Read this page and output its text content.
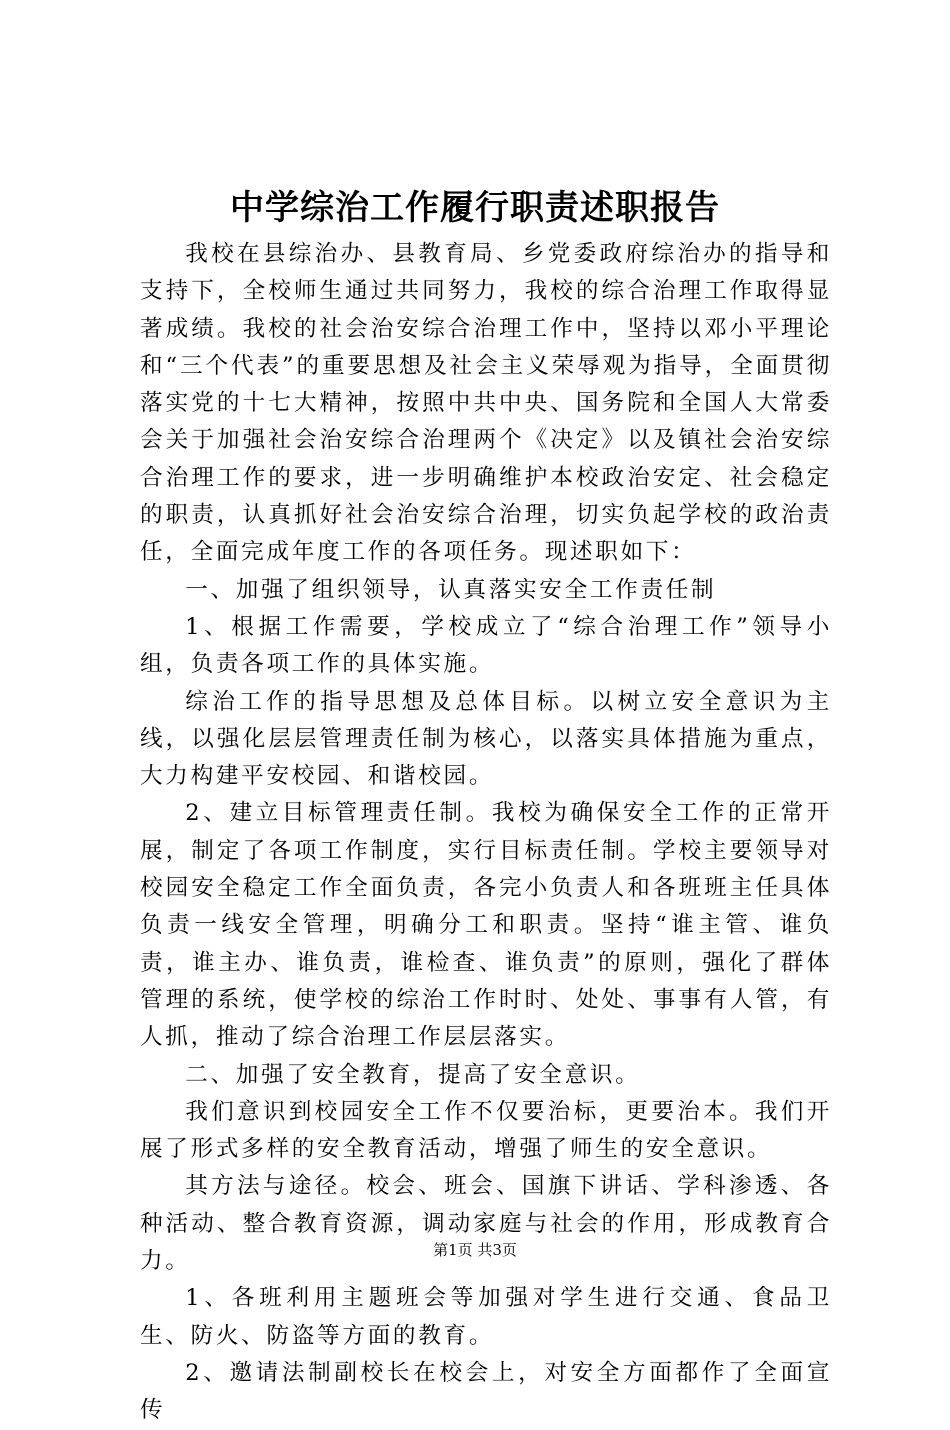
中学综治工作履行职责述职报告

我校在县综治办、县教育局、乡党委政府综治办的指导和支持下，全校师生通过共同努力，我校的综合治理工作取得显著成绩。我校的社会治安综合治理工作中，坚持以邓小平理论和“三个代表”的重要思想及社会主义荣辱观为指导，全面贯彻落实党的十七大精神，按照中共中央、国务院和全国人大常委会关于加强社会治安综合治理两个《决定》以及镇社会治安综合治理工作的要求，进一步明确维护本校政治安定、社会稳定的职责，认真抓好社会治安综合治理，切实负起学校的政治责任，全面完成年度工作的各项任务。现述职如下：

一、加强了组织领导，认真落实安全工作责任制

1、根据工作需要，学校成立了“综合治理工作”领导小组，负责各项工作的具体实施。

综治工作的指导思想及总体目标。以树立安全意识为主线，以强化层层管理责任制为核心，以落实具体措施为重点，大力构建平安校园、和谐校园。

2、建立目标管理责任制。我校为确保安全工作的正常开展，制定了各项工作制度，实行目标责任制。学校主要领导对校园安全稳定工作全面负责，各完小负责人和各班班主任具体负责一线安全管理，明确分工和职责。坚持“谁主管、谁负责，谁主办、谁负责，谁检查、谁负责”的原则，强化了群体管理的系统，使学校的综治工作时时、处处、事事有人管，有人抓，推动了综合治理工作层层落实。

二、加强了安全教育，提高了安全意识。

我们意识到校园安全工作不仅要治标，更要治本。我们开展了形式多样的安全教育活动，增强了师生的安全意识。

其方法与途径。校会、班会、国旗下讲话、学科渗透、各种活动、整合教育资源，调动家庭与社会的作用，形成教育合力。

1、各班利用主题班会等加强对学生进行交通、食品卫生、防火、防盗等方面的教育。

2、邀请法制副校长在校会上，对安全方面都作了全面宣传

第1页 共3页
